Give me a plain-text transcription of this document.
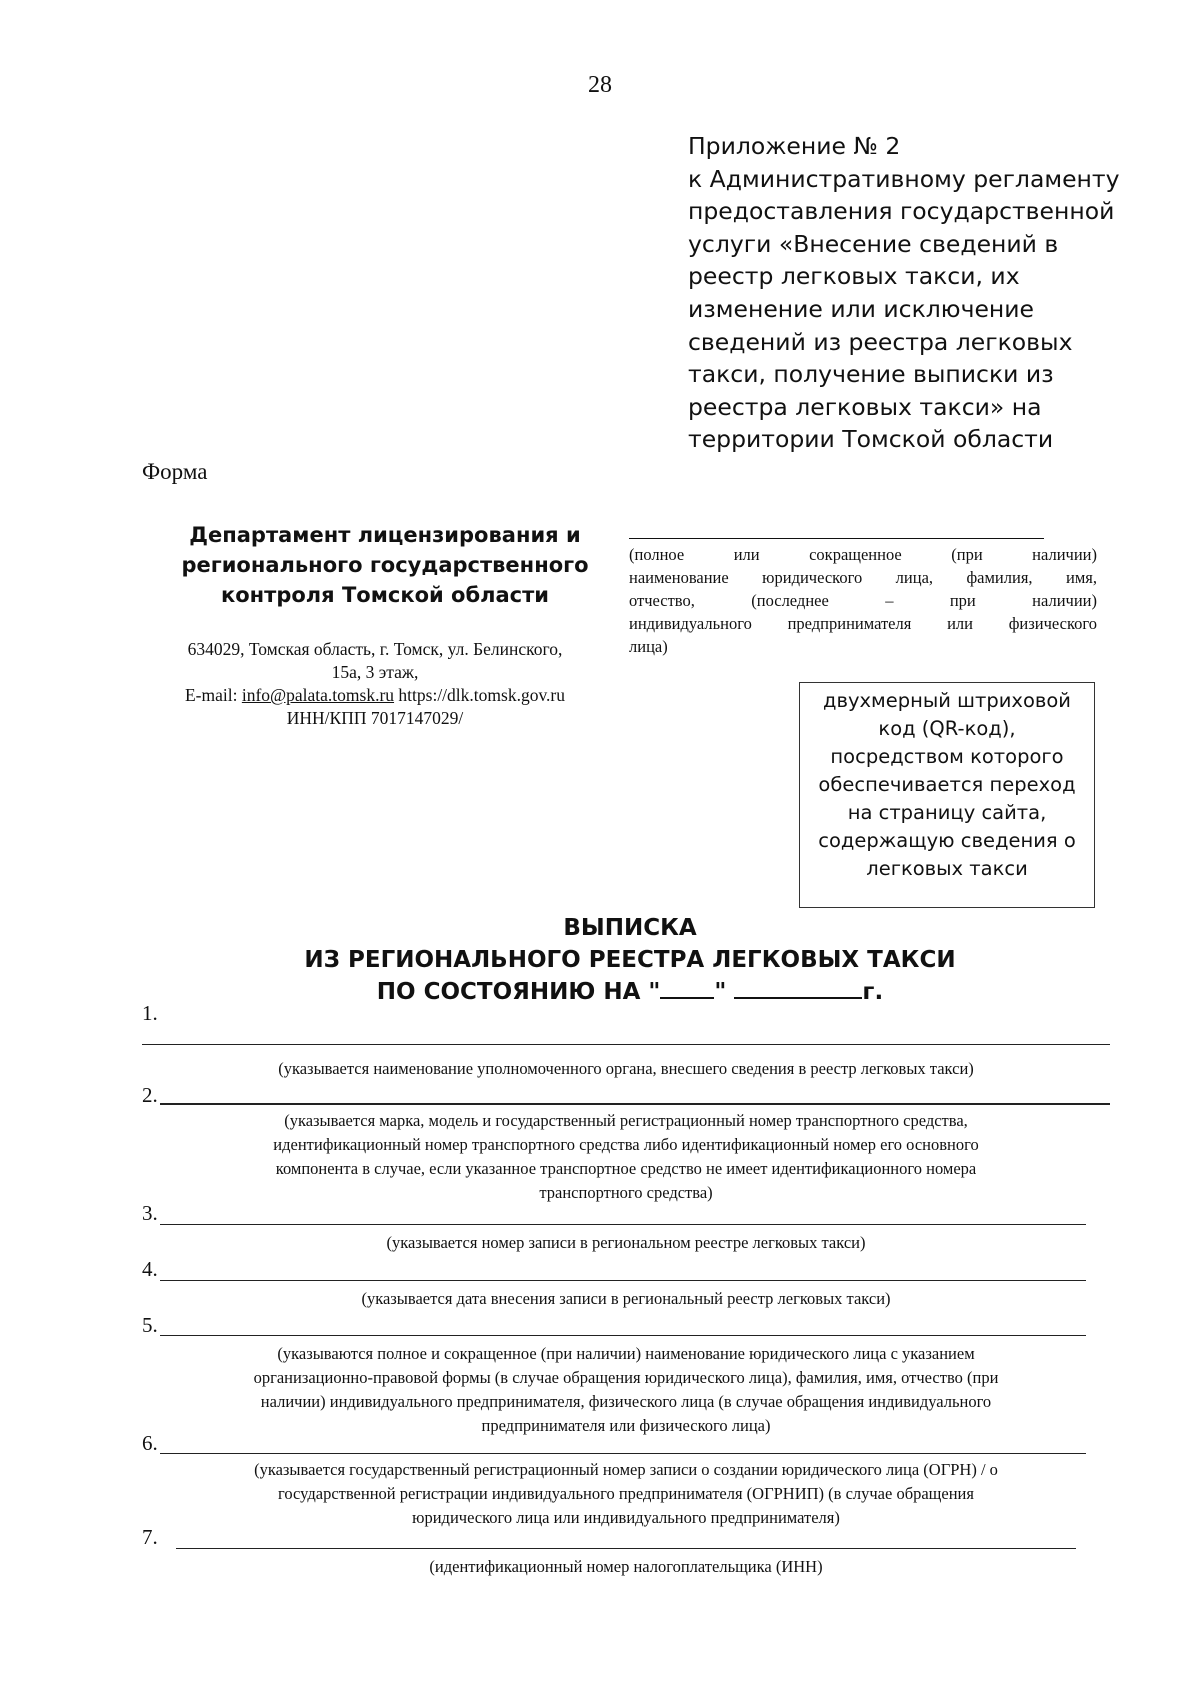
28
Приложение № 2
к Административному регламенту
предоставления государственной
услуги «Внесение сведений в
реестр легковых такси, их
изменение или исключение
сведений из реестра легковых
такси, получение выписки из
реестра легковых такси» на
территории Томской области
Форма
Департамент лицензирования и
регионального государственного
контроля Томской области
634029, Томская область, г. Томск, ул. Белинского,
15а, 3 этаж,
E-mail: info@palata.tomsk.ru https://dlk.tomsk.gov.ru
ИНН/КПП 7017147029/
(полное или сокращенное (при наличии)
наименование юридического лица, фамилия, имя,
отчество, (последнее – при наличии)
индивидуального предпринимателя или физического
лица)
двухмерный штриховой
код (QR-код),
посредством которого
обеспечивается переход
на страницу сайта,
содержащую сведения о
легковых такси
ВЫПИСКА
ИЗ РЕГИОНАЛЬНОГО РЕЕСТРА ЛЕГКОВЫХ ТАКСИ
ПО СОСТОЯНИЮ НА " "	г.
1.
(указывается наименование уполномоченного органа, внесшего сведения в реестр легковых такси)
2.
(указывается марка, модель и государственный регистрационный номер транспортного средства,
идентификационный номер транспортного средства либо идентификационный номер его основного
компонента в случае, если указанное транспортное средство не имеет идентификационного номера
транспортного средства)
3.
(указывается номер записи в региональном реестре легковых такси)
4.
(указывается дата внесения записи в региональный реестр легковых такси)
5.
(указываются полное и сокращенное (при наличии) наименование юридического лица с указанием
организационно-правовой формы (в случае обращения юридического лица), фамилия, имя, отчество (при
наличии) индивидуального предпринимателя, физического лица (в случае обращения индивидуального
предпринимателя или физического лица)
6.
(указывается государственный регистрационный номер записи о создании юридического лица (ОГРН) / о
государственной регистрации индивидуального предпринимателя (ОГРНИП) (в случае обращения
юридического лица или индивидуального предпринимателя)
7.
(идентификационный номер налогоплательщика (ИНН)
